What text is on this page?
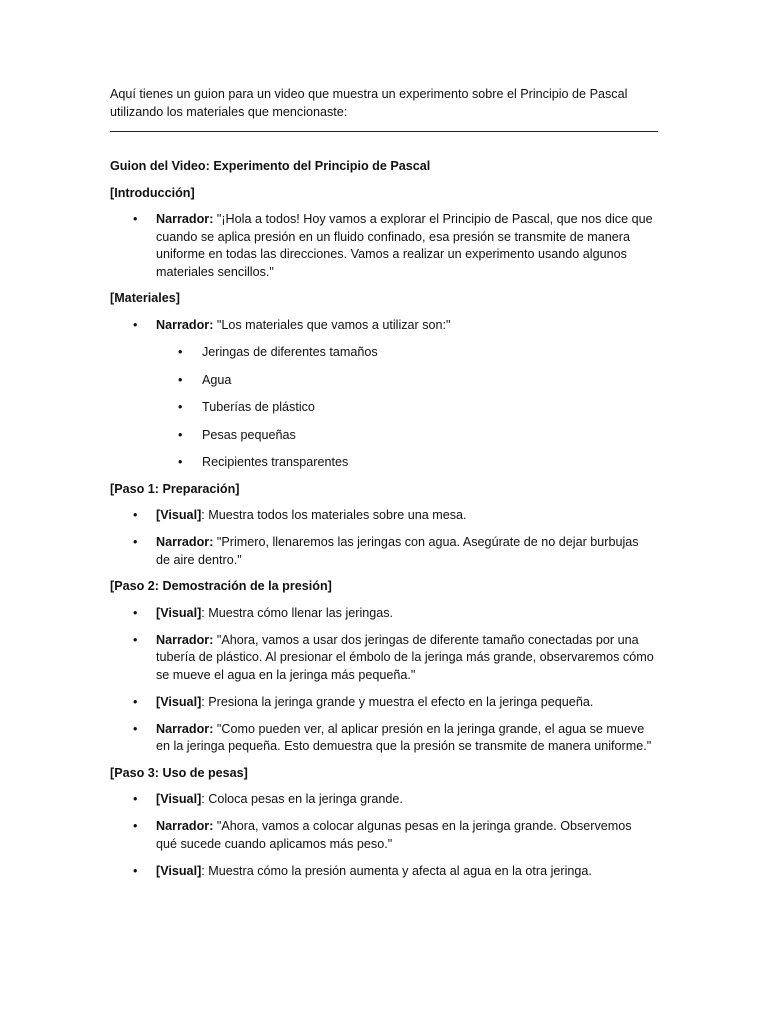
Aquí tienes un guion para un video que muestra un experimento sobre el Principio de Pascal utilizando los materiales que mencionaste:

Guion del Video: Experimento del Principio de Pascal
[Introducción]
• Narrador: "¡Hola a todos! Hoy vamos a explorar el Principio de Pascal, que nos dice que cuando se aplica presión en un fluido confinado, esa presión se transmite de manera uniforme en todas las direcciones. Vamos a realizar un experimento usando algunos materiales sencillos."
[Materiales]
• Narrador: "Los materiales que vamos a utilizar son:"
• Jeringas de diferentes tamaños
• Agua
• Tuberías de plástico
• Pesas pequeñas
• Recipientes transparentes
[Paso 1: Preparación]
• [Visual]: Muestra todos los materiales sobre una mesa.
• Narrador: "Primero, llenaremos las jeringas con agua. Asegúrate de no dejar burbujas de aire dentro."
[Paso 2: Demostración de la presión]
• [Visual]: Muestra cómo llenar las jeringas.
• Narrador: "Ahora, vamos a usar dos jeringas de diferente tamaño conectadas por una tubería de plástico. Al presionar el émbolo de la jeringa más grande, observaremos cómo se mueve el agua en la jeringa más pequeña."
• [Visual]: Presiona la jeringa grande y muestra el efecto en la jeringa pequeña.
• Narrador: "Como pueden ver, al aplicar presión en la jeringa grande, el agua se mueve en la jeringa pequeña. Esto demuestra que la presión se transmite de manera uniforme."
[Paso 3: Uso de pesas]
• [Visual]: Coloca pesas en la jeringa grande.
• Narrador: "Ahora, vamos a colocar algunas pesas en la jeringa grande. Observemos qué sucede cuando aplicamos más peso."
• [Visual]: Muestra cómo la presión aumenta y afecta al agua en la otra jeringa.
